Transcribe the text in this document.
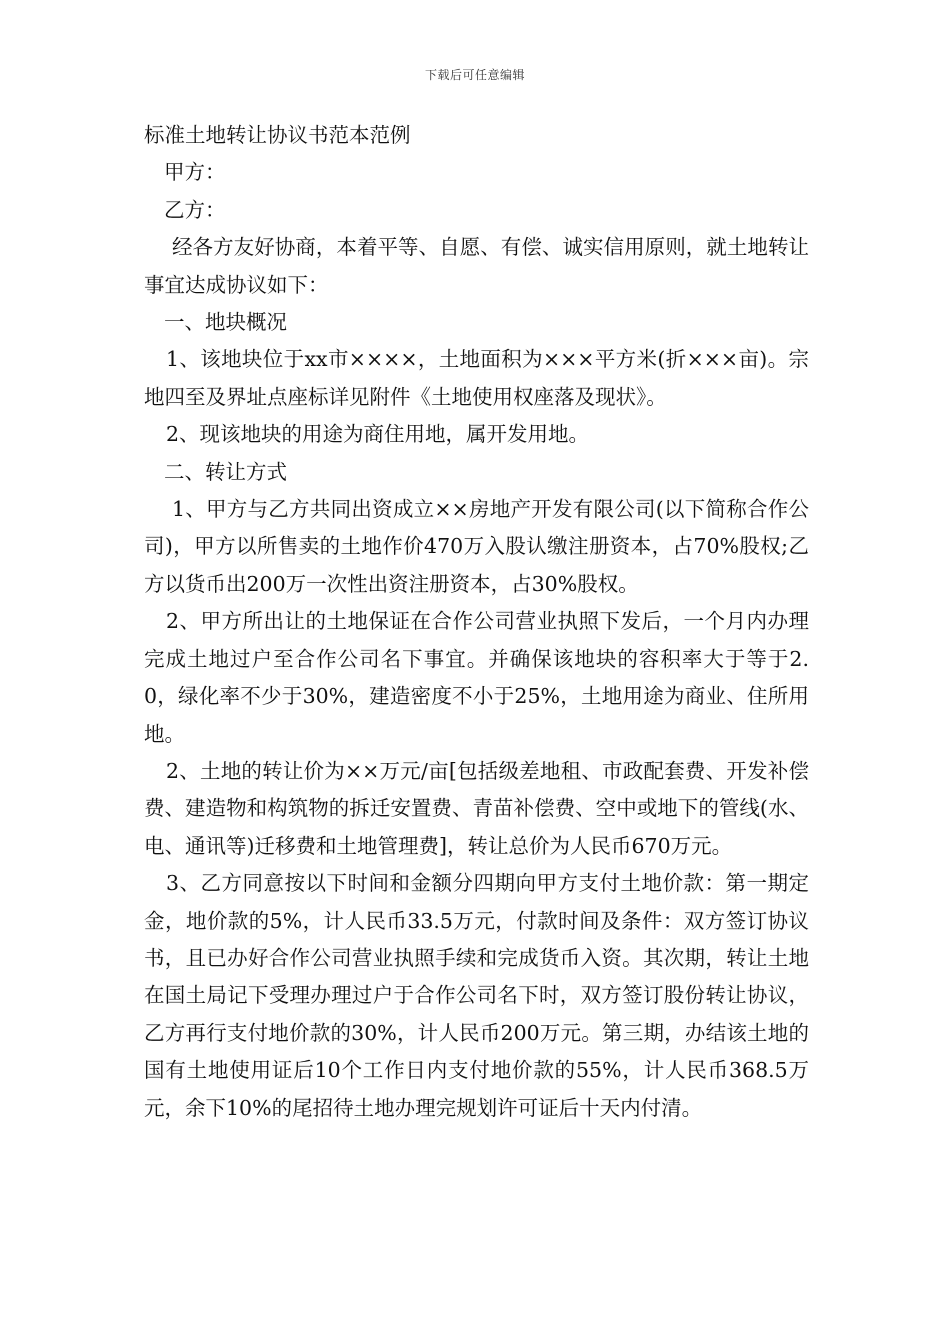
下载后可任意编辑

标准土地转让协议书范本范例

甲方：

乙方：

经各方友好协商，本着平等、自愿、有偿、诚实信用原则，就土地转让事宜达成协议如下：

一、地块概况

1、该地块位于xx市××××，土地面积为×××平方米(折×××亩)。宗地四至及界址点座标详见附件《土地使用权座落及现状》。

2、现该地块的用途为商住用地，属开发用地。

二、转让方式

1、甲方与乙方共同出资成立××房地产开发有限公司(以下简称合作公司)，甲方以所售卖的土地作价470万入股认缴注册资本，占70%股权;乙方以货币出200万一次性出资注册资本，占30%股权。

2、甲方所出让的土地保证在合作公司营业执照下发后，一个月内办理完成土地过户至合作公司名下事宜。并确保该地块的容积率大于等于2.0，绿化率不少于30%，建造密度不小于25%，土地用途为商业、住所用地。

2、土地的转让价为××万元/亩[包括级差地租、市政配套费、开发补偿费、建造物和构筑物的拆迁安置费、青苗补偿费、空中或地下的管线(水、电、通讯等)迁移费和土地管理费]，转让总价为人民币670万元。

3、乙方同意按以下时间和金额分四期向甲方支付土地价款：第一期定金，地价款的5%，计人民币33.5万元，付款时间及条件：双方签订协议书，且已办好合作公司营业执照手续和完成货币入资。其次期，转让土地在国土局记下受理办理过户于合作公司名下时，双方签订股份转让协议，乙方再行支付地价款的30%，计人民币200万元。第三期，办结该土地的国有土地使用证后10个工作日内支付地价款的55%，计人民币368.5万元，余下10%的尾招待土地办理完规划许可证后十天内付清。
